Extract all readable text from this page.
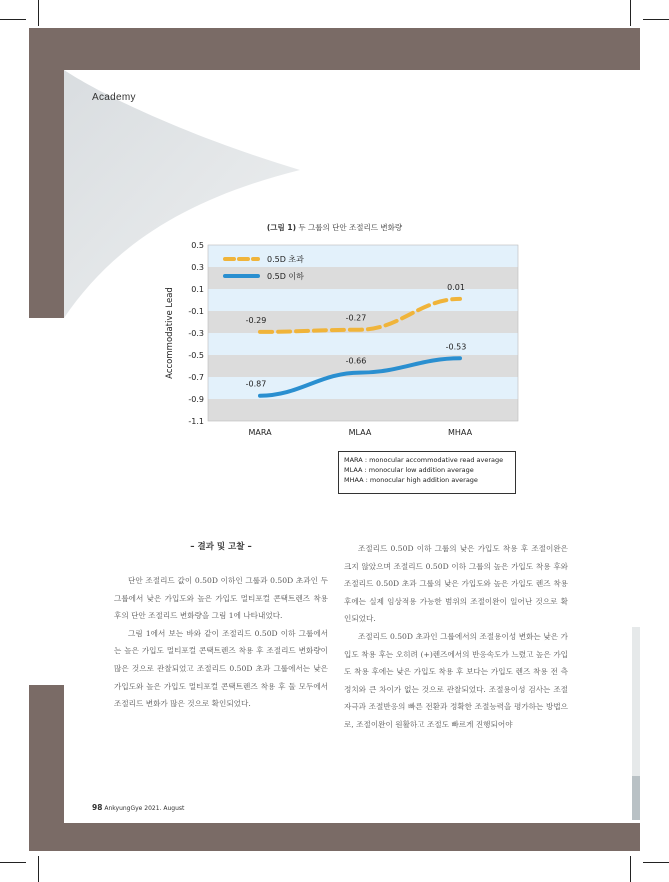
Academy
(그림 1) 두 그룹의 단안 조절리드 변화량
0.5
0.3
0.1
-0.1
-0.3
-0.5
-0.7
-0.9
-1.1
Accommodative Lead
MARA	MLAA	MHAA
-0.29	-0.27
0.01
-0.87
-0.66
-0.53
0.5D 초과
0.5D 이하
MARA : monocular accommodative read average
MLAA : monocular low addition average
MHAA : monocular high addition average
– 결과 및 고찰 –

단안 조절리드 값이 0.50D 이하인 그룹과 0.50D 초과인 두 그룹에서 낮은 가입도와 높은 가입도 멀티포컬 콘택트렌즈 착용 후의 단안 조절리드 변화량을 그림 1에 나타내었다.

그림 1에서 보는 바와 같이 조절리드 0.50D 이하 그룹에서는 높은 가입도 멀티포컬 콘택트렌즈 착용 후 조절리드 변화량이 많은 것으로 관찰되었고 조절리드 0.50D 초과 그룹에서는 낮은 가입도와 높은 가입도 멀티포컬 콘택트렌즈 착용 후 둘 모두에서 조절리드 변화가 많은 것으로 확인되었다.

조절리드 0.50D 이하 그룹의 낮은 가입도 착용 후 조절이완은 크지 않았으며 조절리드 0.50D 이하 그룹의 높은 가입도 착용 후와 조절리드 0.50D 초과 그룹의 낮은 가입도와 높은 가입도 렌즈 착용 후에는 실제 임상적용 가능한 범위의 조절이완이 일어난 것으로 확인되었다.

조절리드 0.50D 초과인 그룹에서의 조절용이성 변화는 낮은 가입도 착용 후는 오히려 (+)렌즈에서의 반응속도가 느렸고 높은 가입도 착용 후에는 낮은 가입도 착용 후 보다는 가입도 렌즈 착용 전 측정치와 큰 차이가 없는 것으로 관찰되었다. 조절용이성 검사는 조절자극과 조절반응의 빠른 전환과 정확한 조절능력을 평가하는 방법으로, 조절이완이 원활하고 조절도 빠르게 진행되어야

98 AnkyungGye 2021. August
